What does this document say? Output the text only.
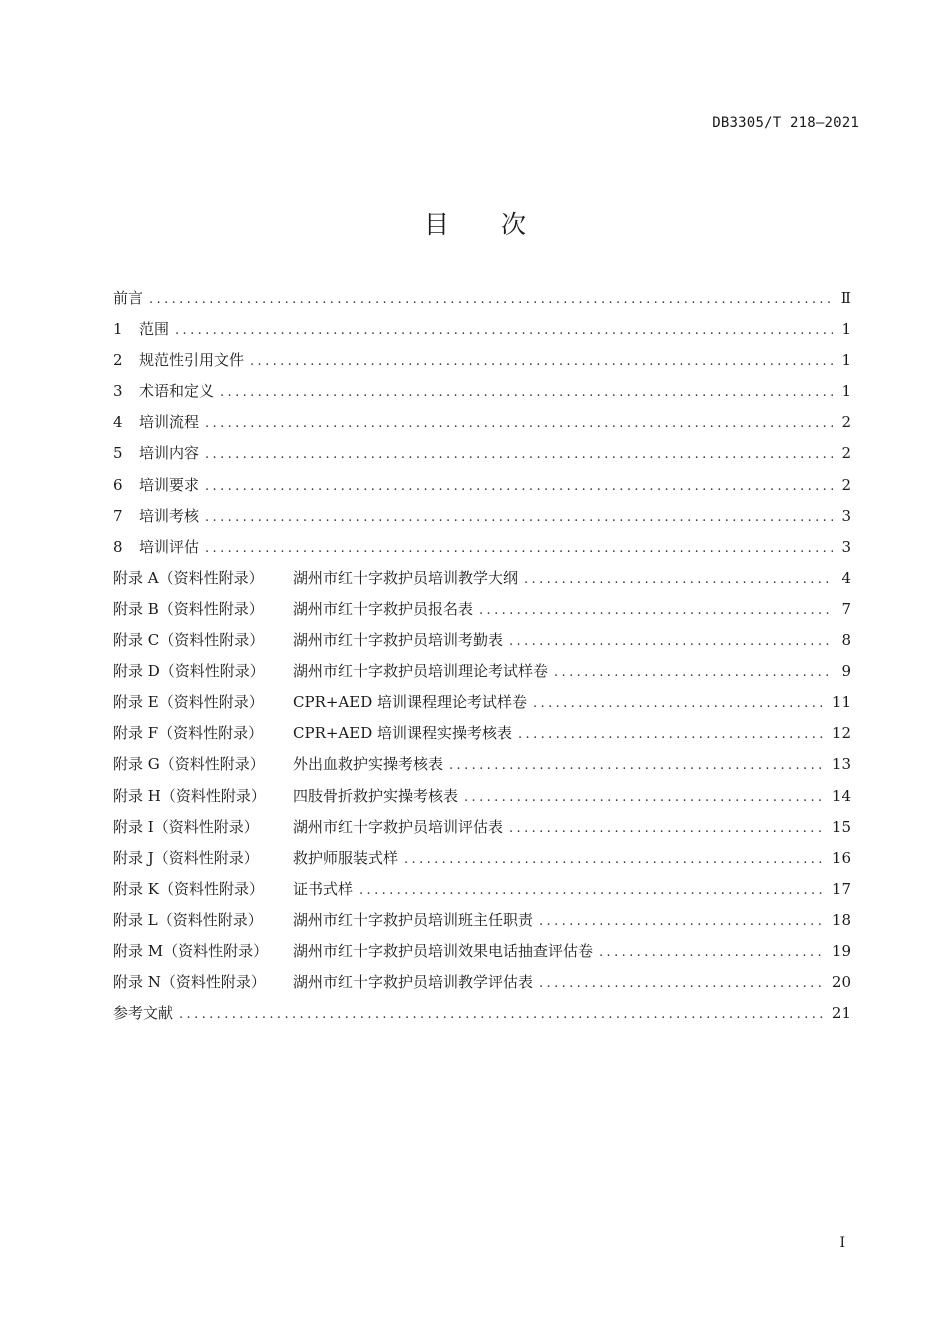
DB3305/T 218—2021
目 次
前言 .....	Ⅱ
1	范围 .....	1
2	规范性引用文件 .....	1
3	术语和定义 .....	1
4	培训流程 .....	2
5	培训内容 .....	2
6	培训要求 .....	2
7	培训考核 .....	3
8	培训评估 .....	3
附录 A（资料性附录）	湖州市红十字救护员培训教学大纲 .....	4
附录 B（资料性附录）	湖州市红十字救护员报名表 .....	7
附录 C（资料性附录）	湖州市红十字救护员培训考勤表 .....	8
附录 D（资料性附录）	湖州市红十字救护员培训理论考试样卷 .....	9
附录 E（资料性附录）	CPR+AED 培训课程理论考试样卷 .....	11
附录 F（资料性附录）	CPR+AED 培训课程实操考核表 .....	12
附录 G（资料性附录）	外出血救护实操考核表 .....	13
附录 H（资料性附录）	四肢骨折救护实操考核表 .....	14
附录 I（资料性附录）	湖州市红十字救护员培训评估表 .....	15
附录 J（资料性附录）	救护师服装式样 .....	16
附录 K（资料性附录）	证书式样 .....	17
附录 L（资料性附录）	湖州市红十字救护员培训班主任职责 .....	18
附录 M（资料性附录）	湖州市红十字救护员培训效果电话抽查评估卷 .....	19
附录 N（资料性附录）	湖州市红十字救护员培训教学评估表 .....	20
参考文献 .....	21
I
